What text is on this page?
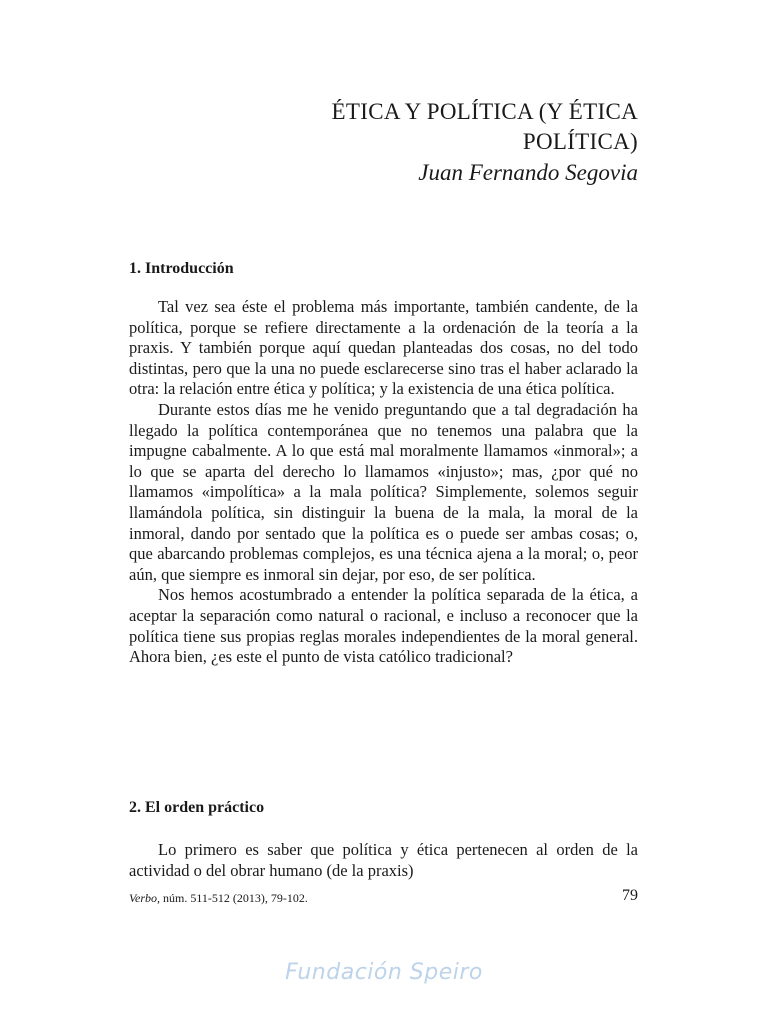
ÉTICA Y POLÍTICA (Y ÉTICA
POLÍTICA)
Juan Fernando Segovia
1. Introducción

Tal vez sea éste el problema más importante, también candente, de la política, porque se refiere directamente a la ordenación de la teoría a la praxis. Y también porque aquí quedan planteadas dos cosas, no del todo distintas, pero que la una no puede esclarecerse sino tras el haber aclarado la otra: la relación entre ética y política; y la existencia de una ética política.

Durante estos días me he venido preguntando que a tal degradación ha llegado la política contemporánea que no tenemos una palabra que la impugne cabalmente. A lo que está mal moralmente llamamos «inmoral»; a lo que se aparta del derecho lo llamamos «injusto»; mas, ¿por qué no llamamos «impolítica» a la mala política? Simplemente, solemos seguir llamándola política, sin distinguir la buena de la mala, la moral de la inmoral, dando por sentado que la política es o puede ser ambas cosas; o, que abarcando problemas complejos, es una técnica ajena a la moral; o, peor aún, que siempre es inmoral sin dejar, por eso, de ser política.

Nos hemos acostumbrado a entender la política separada de la ética, a aceptar la separación como natural o racional, e incluso a reconocer que la política tiene sus propias reglas morales independientes de la moral general. Ahora bien, ¿es este el punto de vista católico tradicional?

2. El orden práctico

Lo primero es saber que política y ética pertenecen al orden de la actividad o del obrar humano (de la praxis)

Verbo, núm. 511-512 (2013), 79-102.	79
Fundación Speiro
